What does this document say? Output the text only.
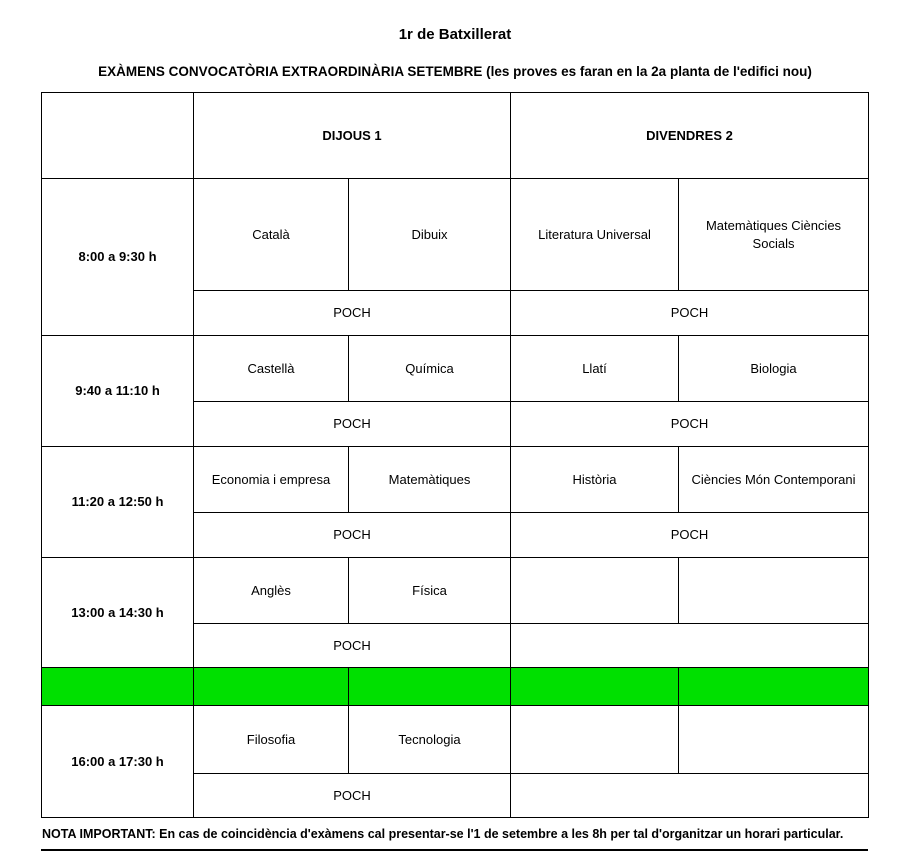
1r de Batxillerat
EXÀMENS CONVOCATÒRIA EXTRAORDINÀRIA SETEMBRE (les proves es faran en la 2a planta de l'edifici nou)
	DIJOUS 1		DIVENDRES 2	
8:00 a 9:30 h	Català	Dibuix	Literatura Universal	Matemàtiques Ciències Socials
	POCH		POCH	
9:40 a 11:10 h	Castellà	Química	Llatí	Biologia
	POCH		POCH	
11:20 a 12:50 h	Economia i empresa	Matemàtiques	Història	Ciències Món Contemporani
	POCH		POCH	
13:00 a 14:30 h	Anglès	Física		
	POCH			

16:00 a 17:30 h	Filosofia	Tecnologia		
	POCH			
NOTA IMPORTANT: En cas de coincidència d'exàmens cal presentar-se l'1 de setembre a les 8h per tal d'organitzar un horari particular.
